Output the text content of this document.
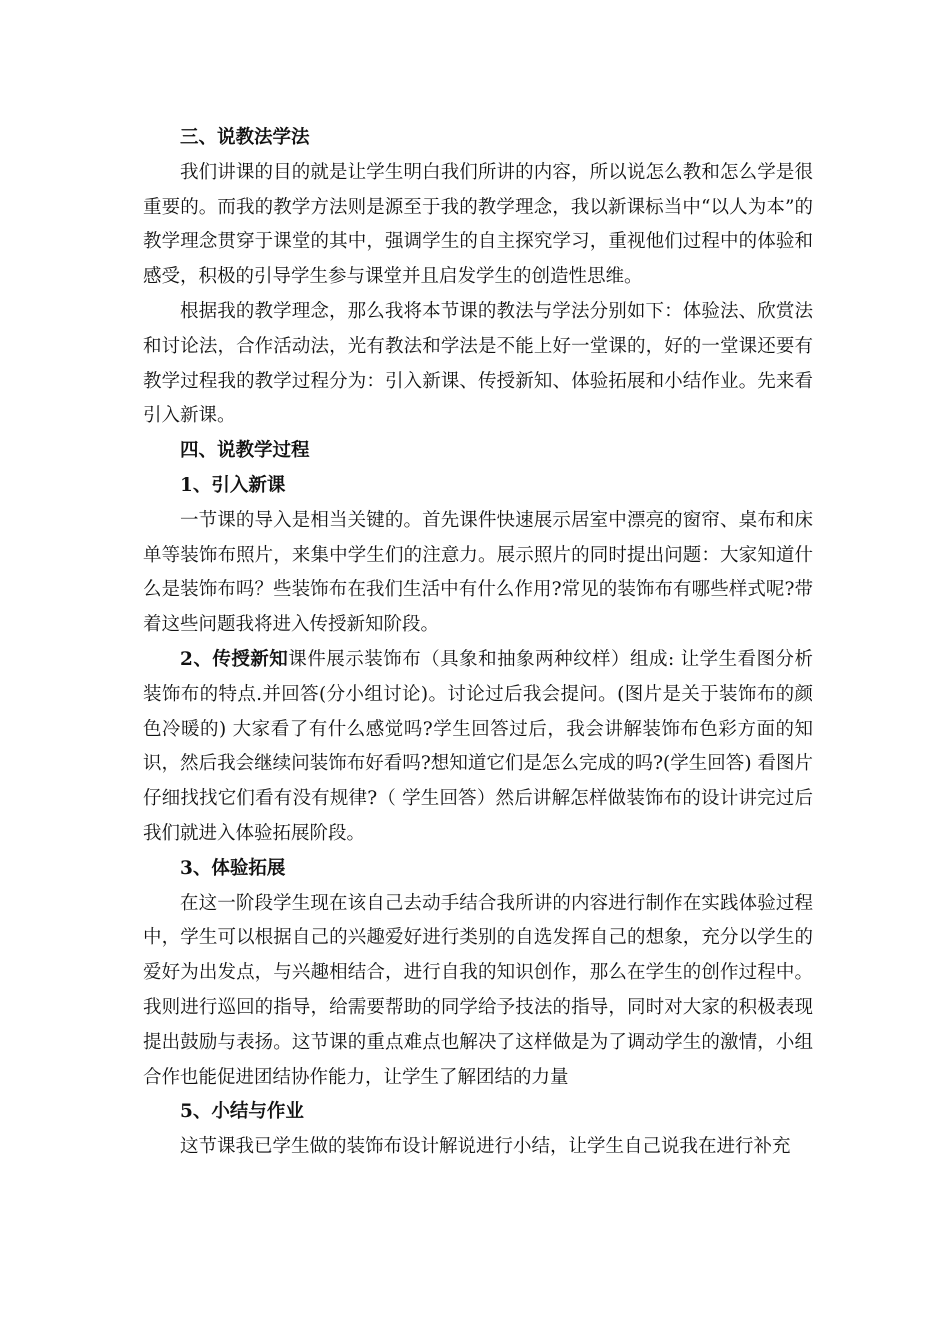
三、说教法学法

我们讲课的目的就是让学生明白我们所讲的内容，所以说怎么教和怎么学是很重要的。而我的教学方法则是源至于我的教学理念，我以新课标当中“以人为本”的教学理念贯穿于课堂的其中，强调学生的自主探究学习，重视他们过程中的体验和感受，积极的引导学生参与课堂并且启发学生的创造性思维。

根据我的教学理念，那么我将本节课的教法与学法分别如下：体验法、欣赏法和讨论法，合作活动法，光有教法和学法是不能上好一堂课的，好的一堂课还要有教学过程我的教学过程分为：引入新课、传授新知、体验拓展和小结作业。先来看引入新课。

四、说教学过程

1、引入新课

一节课的导入是相当关键的。首先课件快速展示居室中漂亮的窗帘、桌布和床单等装饰布照片，来集中学生们的注意力。展示照片的同时提出问题：大家知道什么是装饰布吗？些装饰布在我们生活中有什么作用?常见的装饰布有哪些样式呢?带着这些问题我将进入传授新知阶段。

2、传授新知课件展示装饰布（具象和抽象两种纹样）组成: 让学生看图分析装饰布的特点.并回答(分小组讨论)。讨论过后我会提问。(图片是关于装饰布的颜色冷暖的) 大家看了有什么感觉吗?学生回答过后，我会讲解装饰布色彩方面的知识，然后我会继续问装饰布好看吗?想知道它们是怎么完成的吗?(学生回答) 看图片仔细找找它们看有没有规律?（ 学生回答）然后讲解怎样做装饰布的设计讲完过后我们就进入体验拓展阶段。

3、体验拓展

在这一阶段学生现在该自己去动手结合我所讲的内容进行制作在实践体验过程中，学生可以根据自己的兴趣爱好进行类别的自选发挥自己的想象，充分以学生的爱好为出发点，与兴趣相结合，进行自我的知识创作，那么在学生的创作过程中。我则进行巡回的指导，给需要帮助的同学给予技法的指导，同时对大家的积极表现提出鼓励与表扬。这节课的重点难点也解决了这样做是为了调动学生的激情，小组合作也能促进团结协作能力，让学生了解团结的力量

5、小结与作业

这节课我已学生做的装饰布设计解说进行小结，让学生自己说我在进行补充
